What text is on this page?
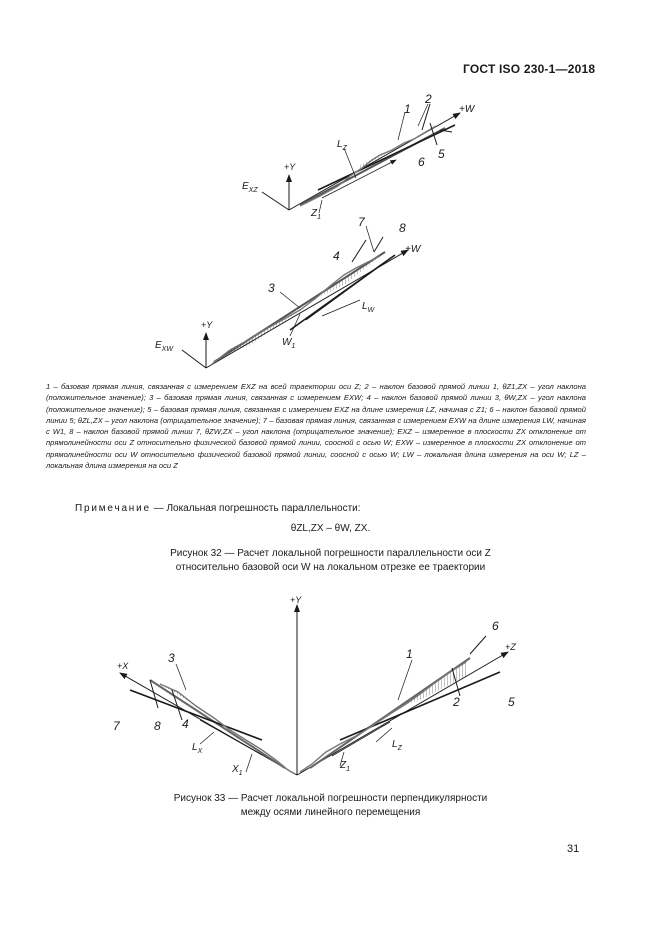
ГОСТ ISO 230-1—2018
1
2
+W
5
6
+Y
$E_{XZ}$
$L_Z$
$Z_1$
3
4
7	8
+W
+Y
$E_{XW}$
$L_W$
$W_1$
+Y
+X
+Z
3
4
7	8
1
2	5
6
$L_X$
$X_1$
$L_Z$
$Z_1$
1 – базовая прямая линия, связанная с измерением EXZ на всей траектории оси Z; 2 – наклон базовой прямой линии 1, θZ1,ZX – угол наклона (положительное значение); 3 – базовая прямая линия, связанная с измерением EXW; 4 – наклон базовой прямой линии 3, θW,ZX – угол наклона (положительное значение); 5 – базовая прямая линия, связанная с измерением EXZ на длине измерения LZ, начиная с Z1; 6 – наклон базовой прямой линии 5; θZL,ZX – угол наклона (отрицательное значение); 7 – базовая прямая линия, связанная с измерением EXW на длине измерения LW, начиная с W1, 8 – наклон базовой прямой линии 7, θZW,ZX – угол наклона (отрицательное значение); EXZ – измеренное в плоскости ZX отклонение от прямолинейности оси Z относительно физической базовой прямой линии, соосной с осью W; EXW – измеренное в плоскости ZX отклонение от прямолинейности оси W относительно физической базовой прямой линии, соосной с осью W; LW – локальная длина измерения на оси W; LZ – локальная длина измерения на оси Z
Примечание — Локальная погрешность параллельности:
θZL,ZX – θW, ZX.
Рисунок 32 — Расчет локальной погрешности параллельности оси Z
относительно базовой оси W на локальном отрезке ее траектории
Рисунок 33 — Расчет локальной погрешности перпендикулярности
между осями линейного перемещения
31
